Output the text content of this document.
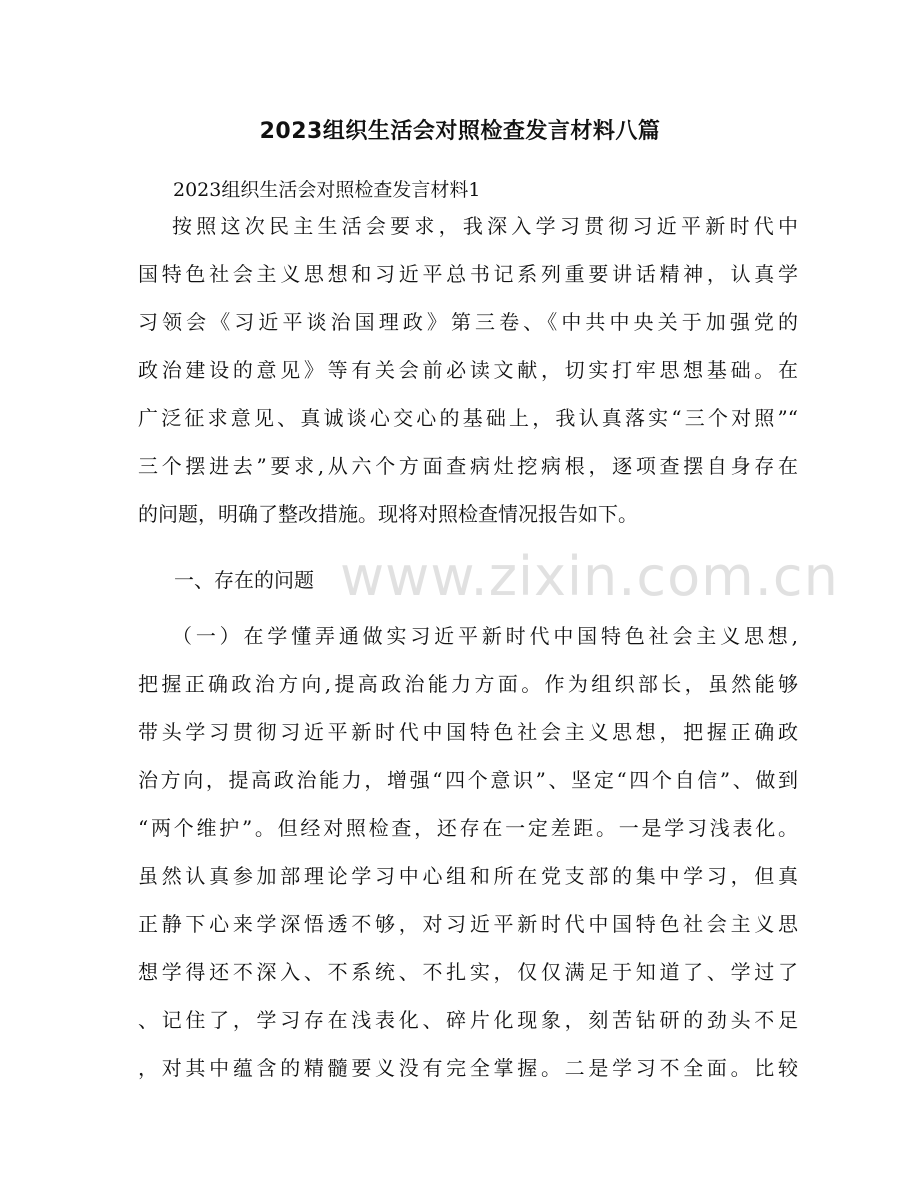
2023组织生活会对照检查发言材料八篇
2023组织生活会对照检查发言材料1
按照这次民主生活会要求，我深入学习贯彻习近平新时代中
国特色社会主义思想和习近平总书记系列重要讲话精神，认真学
习领会《习近平谈治国理政》第三卷、《中共中央关于加强党的
政治建设的意见》等有关会前必读文献，切实打牢思想基础。在
广泛征求意见、真诚谈心交心的基础上，我认真落实“三个对照”“
三个摆进去”要求,从六个方面查病灶挖病根，逐项查摆自身存在
的问题，明确了整改措施。现将对照检查情况报告如下。
一、存在的问题 www.zixin.com.cn
（一）在学懂弄通做实习近平新时代中国特色社会主义思想,
把握正确政治方向,提高政治能力方面。作为组织部长，虽然能够
带头学习贯彻习近平新时代中国特色社会主义思想，把握正确政
治方向，提高政治能力，增强“四个意识”、坚定“四个自信”、做到
“两个维护”。但经对照检查，还存在一定差距。一是学习浅表化。
虽然认真参加部理论学习中心组和所在党支部的集中学习，但真
正静下心来学深悟透不够，对习近平新时代中国特色社会主义思
想学得还不深入、不系统、不扎实，仅仅满足于知道了、学过了
、记住了，学习存在浅表化、碎片化现象，刻苦钻研的劲头不足
，对其中蕴含的精髓要义没有完全掌握。二是学习不全面。比较
